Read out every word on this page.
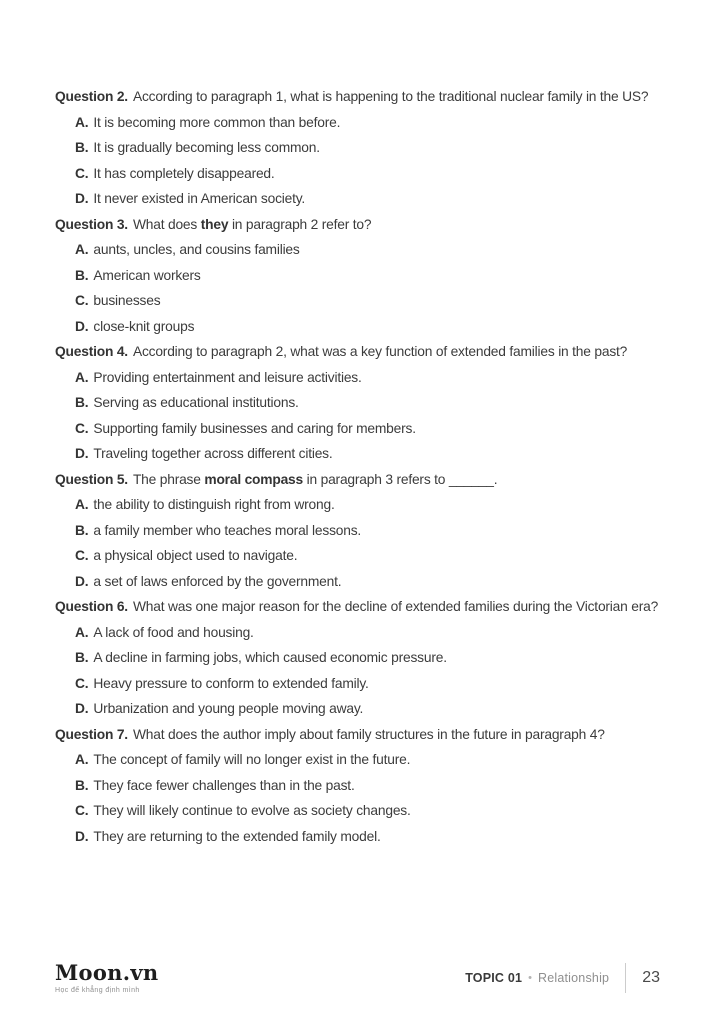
Question 2. According to paragraph 1, what is happening to the traditional nuclear family in the US?

A. It is becoming more common than before.

B. It is gradually becoming less common.

C. It has completely disappeared.

D. It never existed in American society.

Question 3. What does they in paragraph 2 refer to?

A. aunts, uncles, and cousins families

B. American workers

C. businesses

D. close-knit groups

Question 4. According to paragraph 2, what was a key function of extended families in the past?

A. Providing entertainment and leisure activities.

B. Serving as educational institutions.

C. Supporting family businesses and caring for members.

D. Traveling together across different cities.

Question 5. The phrase moral compass in paragraph 3 refers to ______.

A. the ability to distinguish right from wrong.

B. a family member who teaches moral lessons.

C. a physical object used to navigate.

D. a set of laws enforced by the government.

Question 6. What was one major reason for the decline of extended families during the Victorian era?

A. A lack of food and housing.

B. A decline in farming jobs, which caused economic pressure.

C. Heavy pressure to conform to extended family.

D. Urbanization and young people moving away.

Question 7. What does the author imply about family structures in the future in paragraph 4?

A. The concept of family will no longer exist in the future.

B. They face fewer challenges than in the past.

C. They will likely continue to evolve as society changes.

D. They are returning to the extended family model.

Moon.vn
Học để khẳng định mình
TOPIC 01 • Relationship 23
